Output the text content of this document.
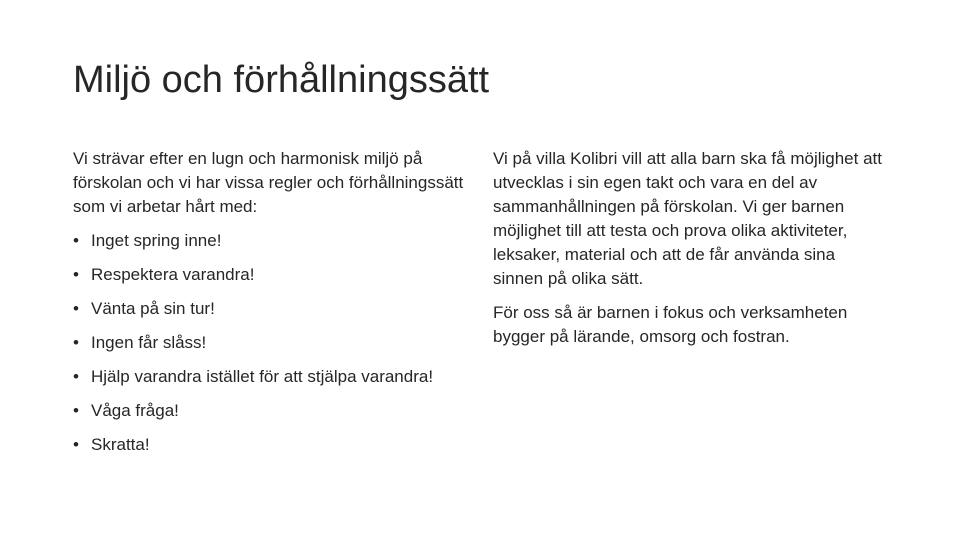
Miljö och förhållningssätt

Vi strävar efter en lugn och harmonisk miljö på förskolan och vi har vissa regler och förhållningssätt som vi arbetar hårt med:

• Inget spring inne!
• Respektera varandra!
• Vänta på sin tur!
• Ingen får slåss!
• Hjälp varandra istället för att stjälpa varandra!
• Våga fråga!
• Skratta!

Vi på villa Kolibri vill att alla barn ska få möjlighet att utvecklas i sin egen takt och vara en del av sammanhållningen på förskolan. Vi ger barnen möjlighet till att testa och prova olika aktiviteter, leksaker, material och att de får använda sina sinnen på olika sätt.

För oss så är barnen i fokus och verksamheten bygger på lärande, omsorg och fostran.
